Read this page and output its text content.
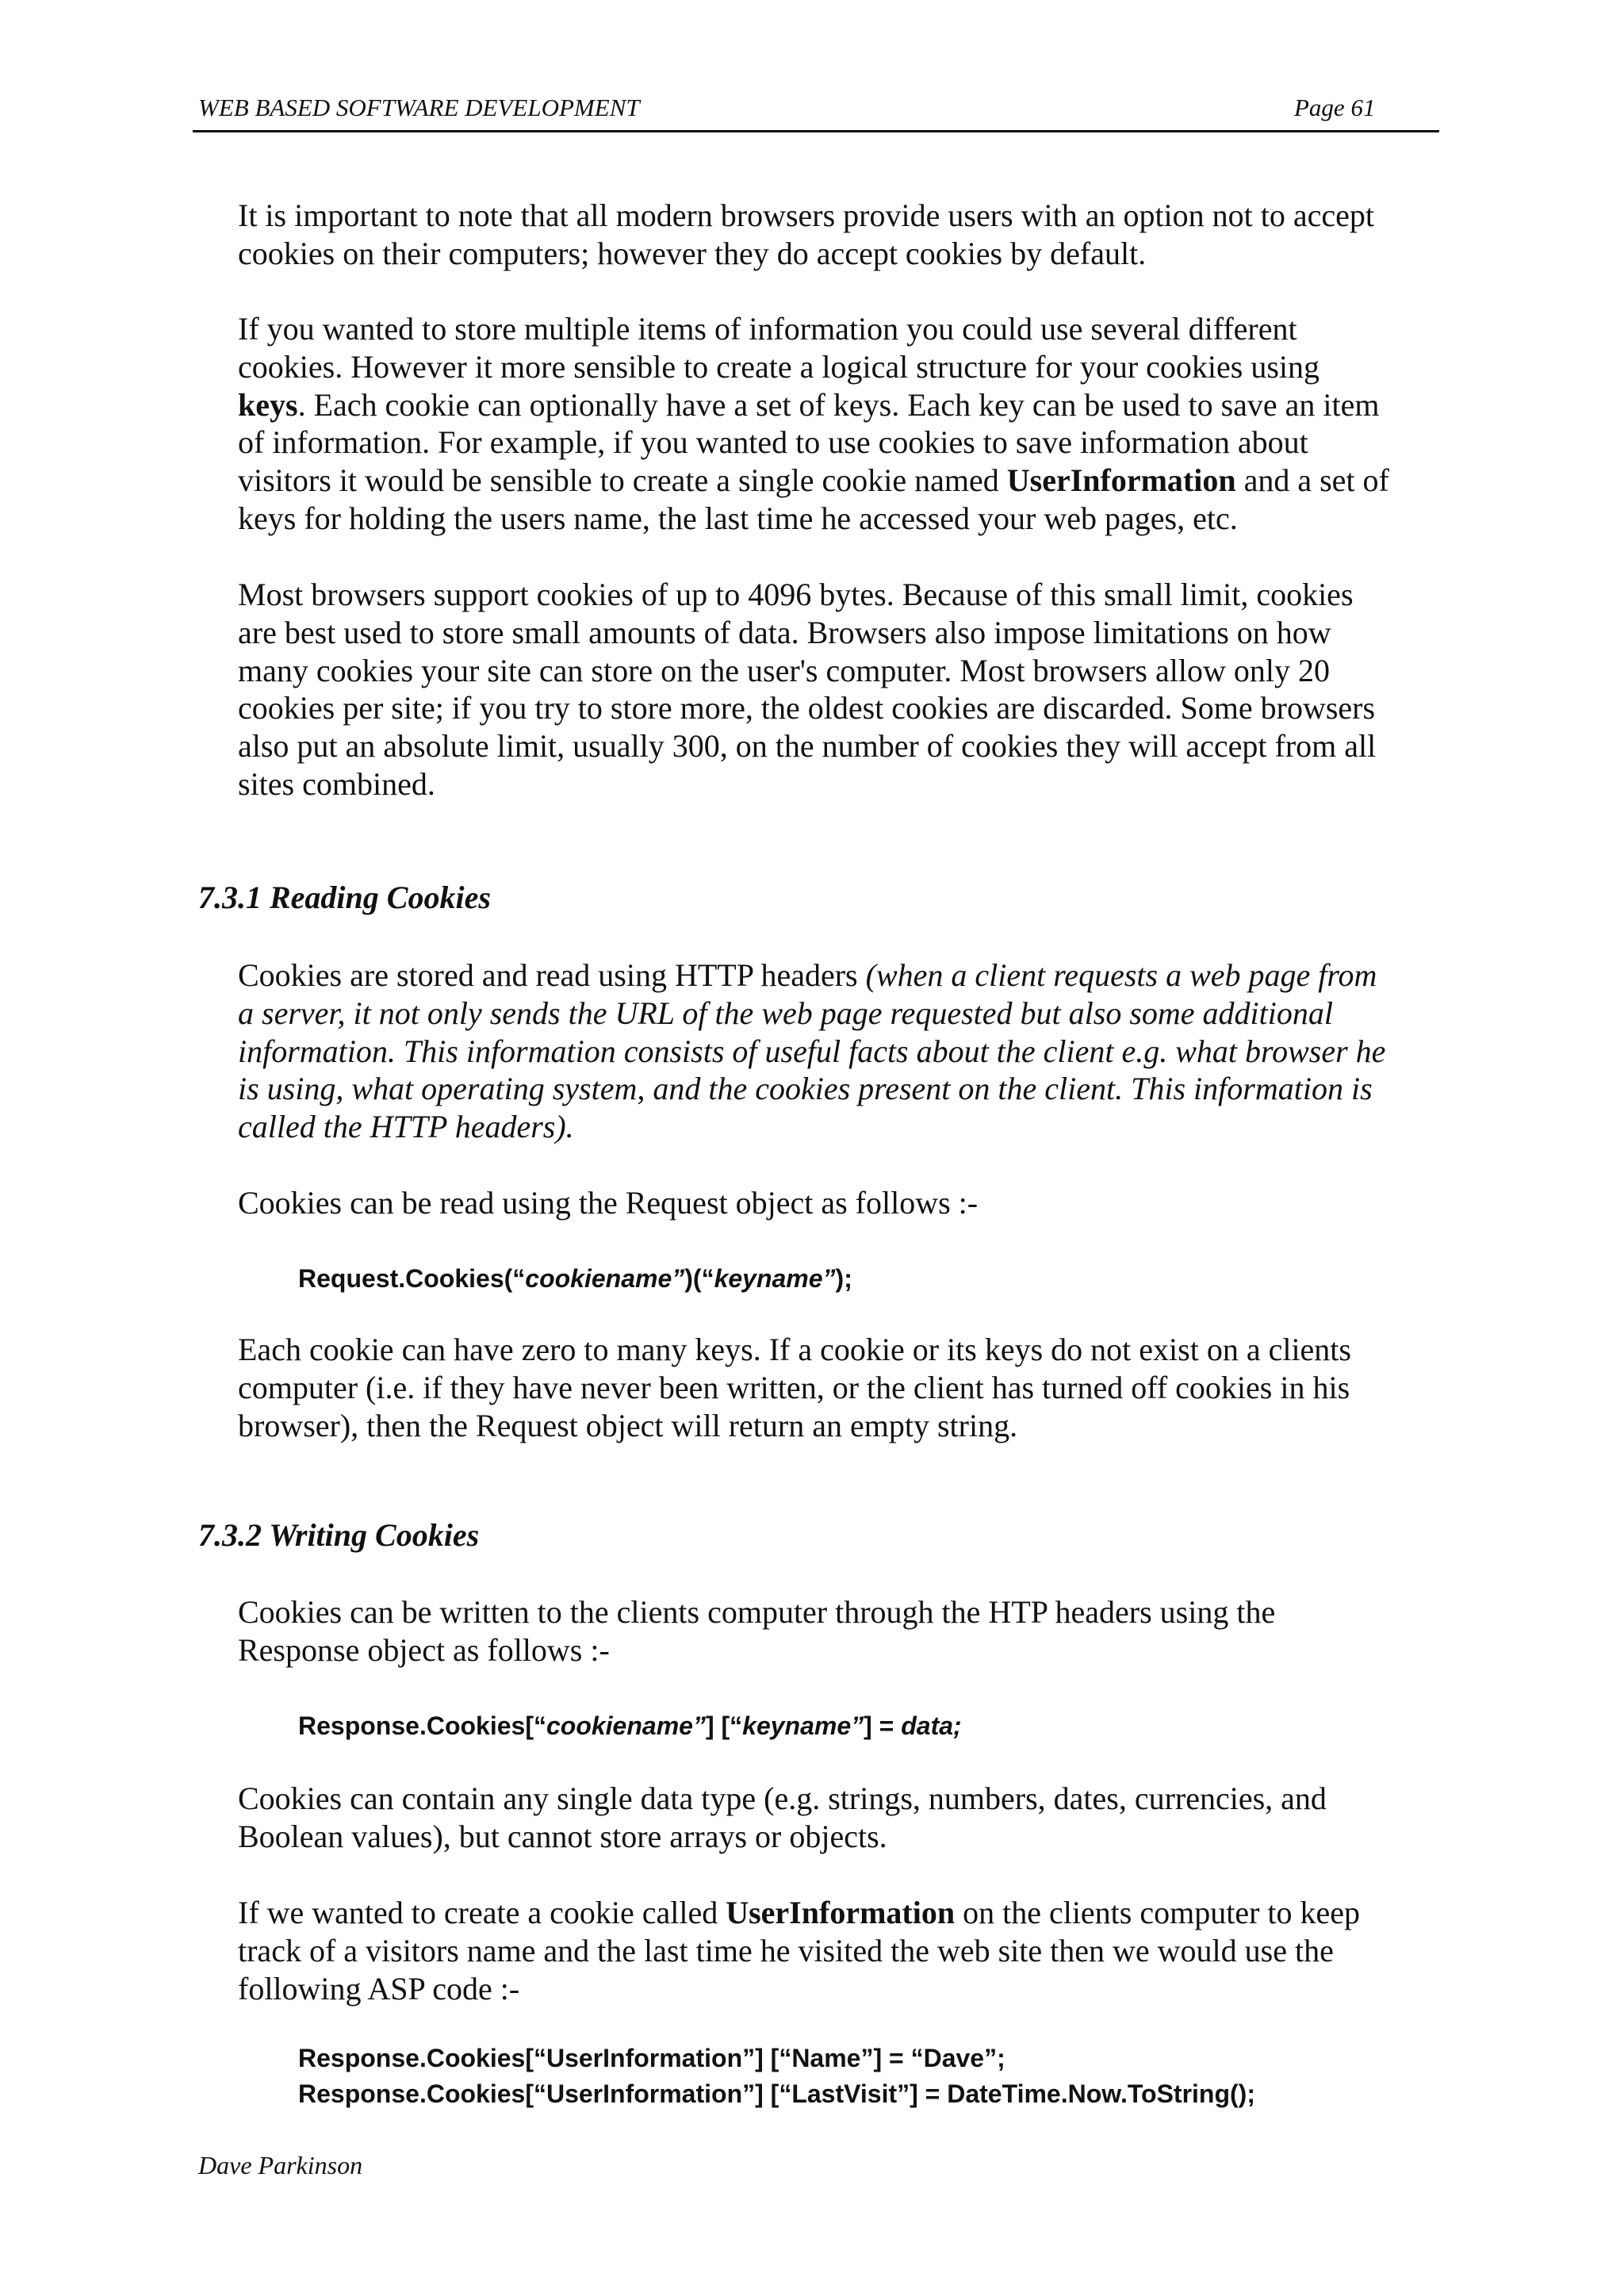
WEB BASED SOFTWARE DEVELOPMENT	Page 61

It is important to note that all modern browsers provide users with an option not to accept

cookies on their computers; however they do accept cookies by default.

If you wanted to store multiple items of information you could use several different

cookies. However it more sensible to create a logical structure for your cookies using

keys. Each cookie can optionally have a set of keys. Each key can be used to save an item

of information. For example, if you wanted to use cookies to save information about

visitors it would be sensible to create a single cookie named UserInformation and a set of

keys for holding the users name, the last time he accessed your web pages, etc.

Most browsers support cookies of up to 4096 bytes. Because of this small limit, cookies

are best used to store small amounts of data. Browsers also impose limitations on how

many cookies your site can store on the user's computer. Most browsers allow only 20

cookies per site; if you try to store more, the oldest cookies are discarded. Some browsers

also put an absolute limit, usually 300, on the number of cookies they will accept from all

sites combined.

7.3.1 Reading Cookies

Cookies are stored and read using HTTP headers (when a client requests a web page from

a server, it not only sends the URL of the web page requested but also some additional

information. This information consists of useful facts about the client e.g. what browser he

is using, what operating system, and the cookies present on the client. This information is

called the HTTP headers).

Cookies can be read using the Request object as follows :-

Request.Cookies(“cookiename”)(“keyname”);

Each cookie can have zero to many keys. If a cookie or its keys do not exist on a clients

computer (i.e. if they have never been written, or the client has turned off cookies in his

browser), then the Request object will return an empty string.

7.3.2 Writing Cookies

Cookies can be written to the clients computer through the HTP headers using the

Response object as follows :-

Response.Cookies[“cookiename”] [“keyname”] = data;

Cookies can contain any single data type (e.g. strings, numbers, dates, currencies, and

Boolean values), but cannot store arrays or objects.

If we wanted to create a cookie called UserInformation on the clients computer to keep

track of a visitors name and the last time he visited the web site then we would use the

following ASP code :-

Response.Cookies[“UserInformation”] [“Name”] = “Dave”;
Response.Cookies[“UserInformation”] [“LastVisit”] = DateTime.Now.ToString();
Dave Parkinson
